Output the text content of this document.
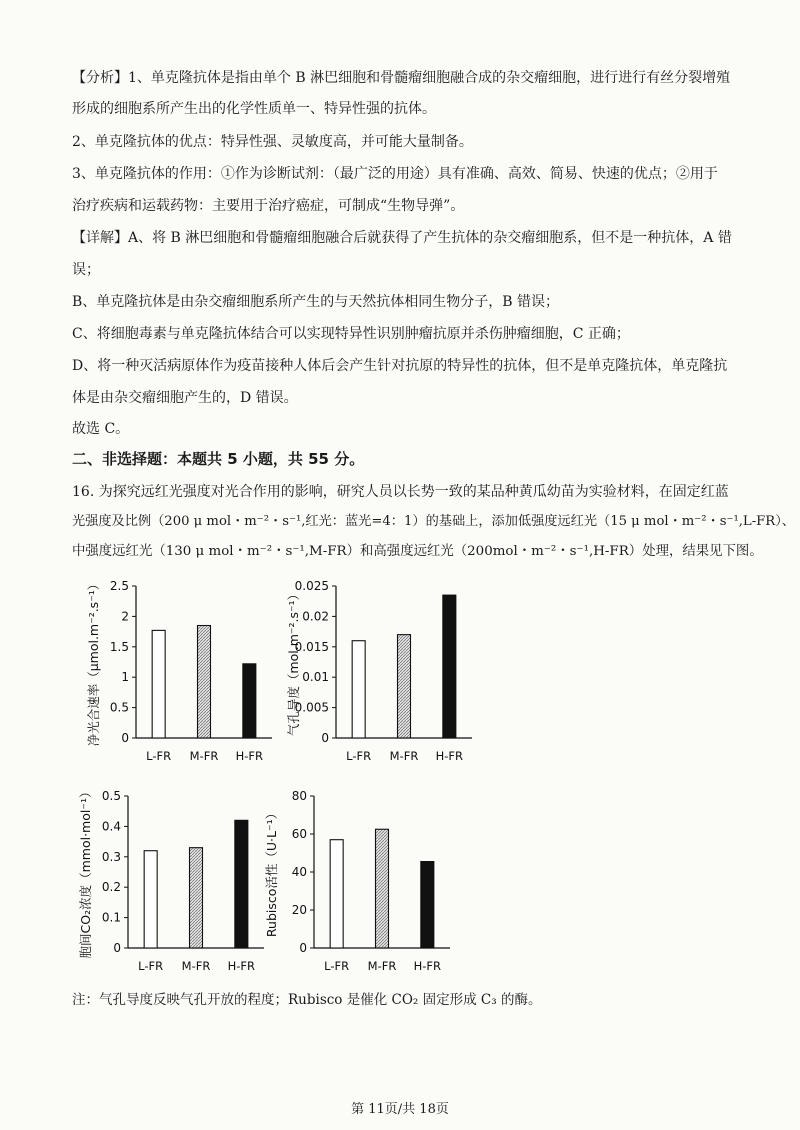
【分析】1、单克隆抗体是指由单个 B 淋巴细胞和骨髓瘤细胞融合成的杂交瘤细胞，进行进行有丝分裂增殖
形成的细胞系所产生出的化学性质单一、特异性强的抗体。
2、单克隆抗体的优点：特异性强、灵敏度高，并可能大量制备。
3、单克隆抗体的作用：①作为诊断试剂：（最广泛的用途）具有准确、高效、简易、快速的优点；②用于
治疗疾病和运载药物：主要用于治疗癌症，可制成“生物导弹”。
【详解】A、将 B 淋巴细胞和骨髓瘤细胞融合后就获得了产生抗体的杂交瘤细胞系，但不是一种抗体，A 错
误；
B、单克隆抗体是由杂交瘤细胞系所产生的与天然抗体相同生物分子，B 错误；
C、将细胞毒素与单克隆抗体结合可以实现特异性识别肿瘤抗原并杀伤肿瘤细胞，C 正确；
D、将一种灭活病原体作为疫苗接种人体后会产生针对抗原的特异性的抗体，但不是单克隆抗体，单克隆抗
体是由杂交瘤细胞产生的，D 错误。
故选 C。
二、非选择题：本题共 5 小题，共 55 分。
16. 为探究远红光强度对光合作用的影响，研究人员以长势一致的某品种黄瓜幼苗为实验材料，在固定红蓝
光强度及比例（200 μ mol・m⁻²・s⁻¹,红光：蓝光=4：1）的基础上，添加低强度远红光（15 μ mol・m⁻²・s⁻¹,L-FR）、
中强度远红光（130 μ mol・m⁻²・s⁻¹,M-FR）和高强度远红光（200mol・m⁻²・s⁻¹,H-FR）处理，结果见下图。
0
0.5
1
1.5
2
2.5
L-FR M-FR H-FR
净光合速率（μmol.m⁻².s⁻¹）	0
0.005
0.01
0.015
0.02
0.025
L-FR M-FR H-FR
气孔导度（mol.m⁻².s⁻¹）
0
0.1
0.2
0.3
0.4
0.5
L-FR M-FR H-FR
胞间CO₂浓度（mmol·mol⁻¹）	0
20
40
60
80
L-FR M-FR H-FR
Rubisco活性（U·L⁻¹）
注：气孔导度反映气孔开放的程度；Rubisco 是催化 CO₂ 固定形成 C₃ 的酶。
第 11页/共 18页
